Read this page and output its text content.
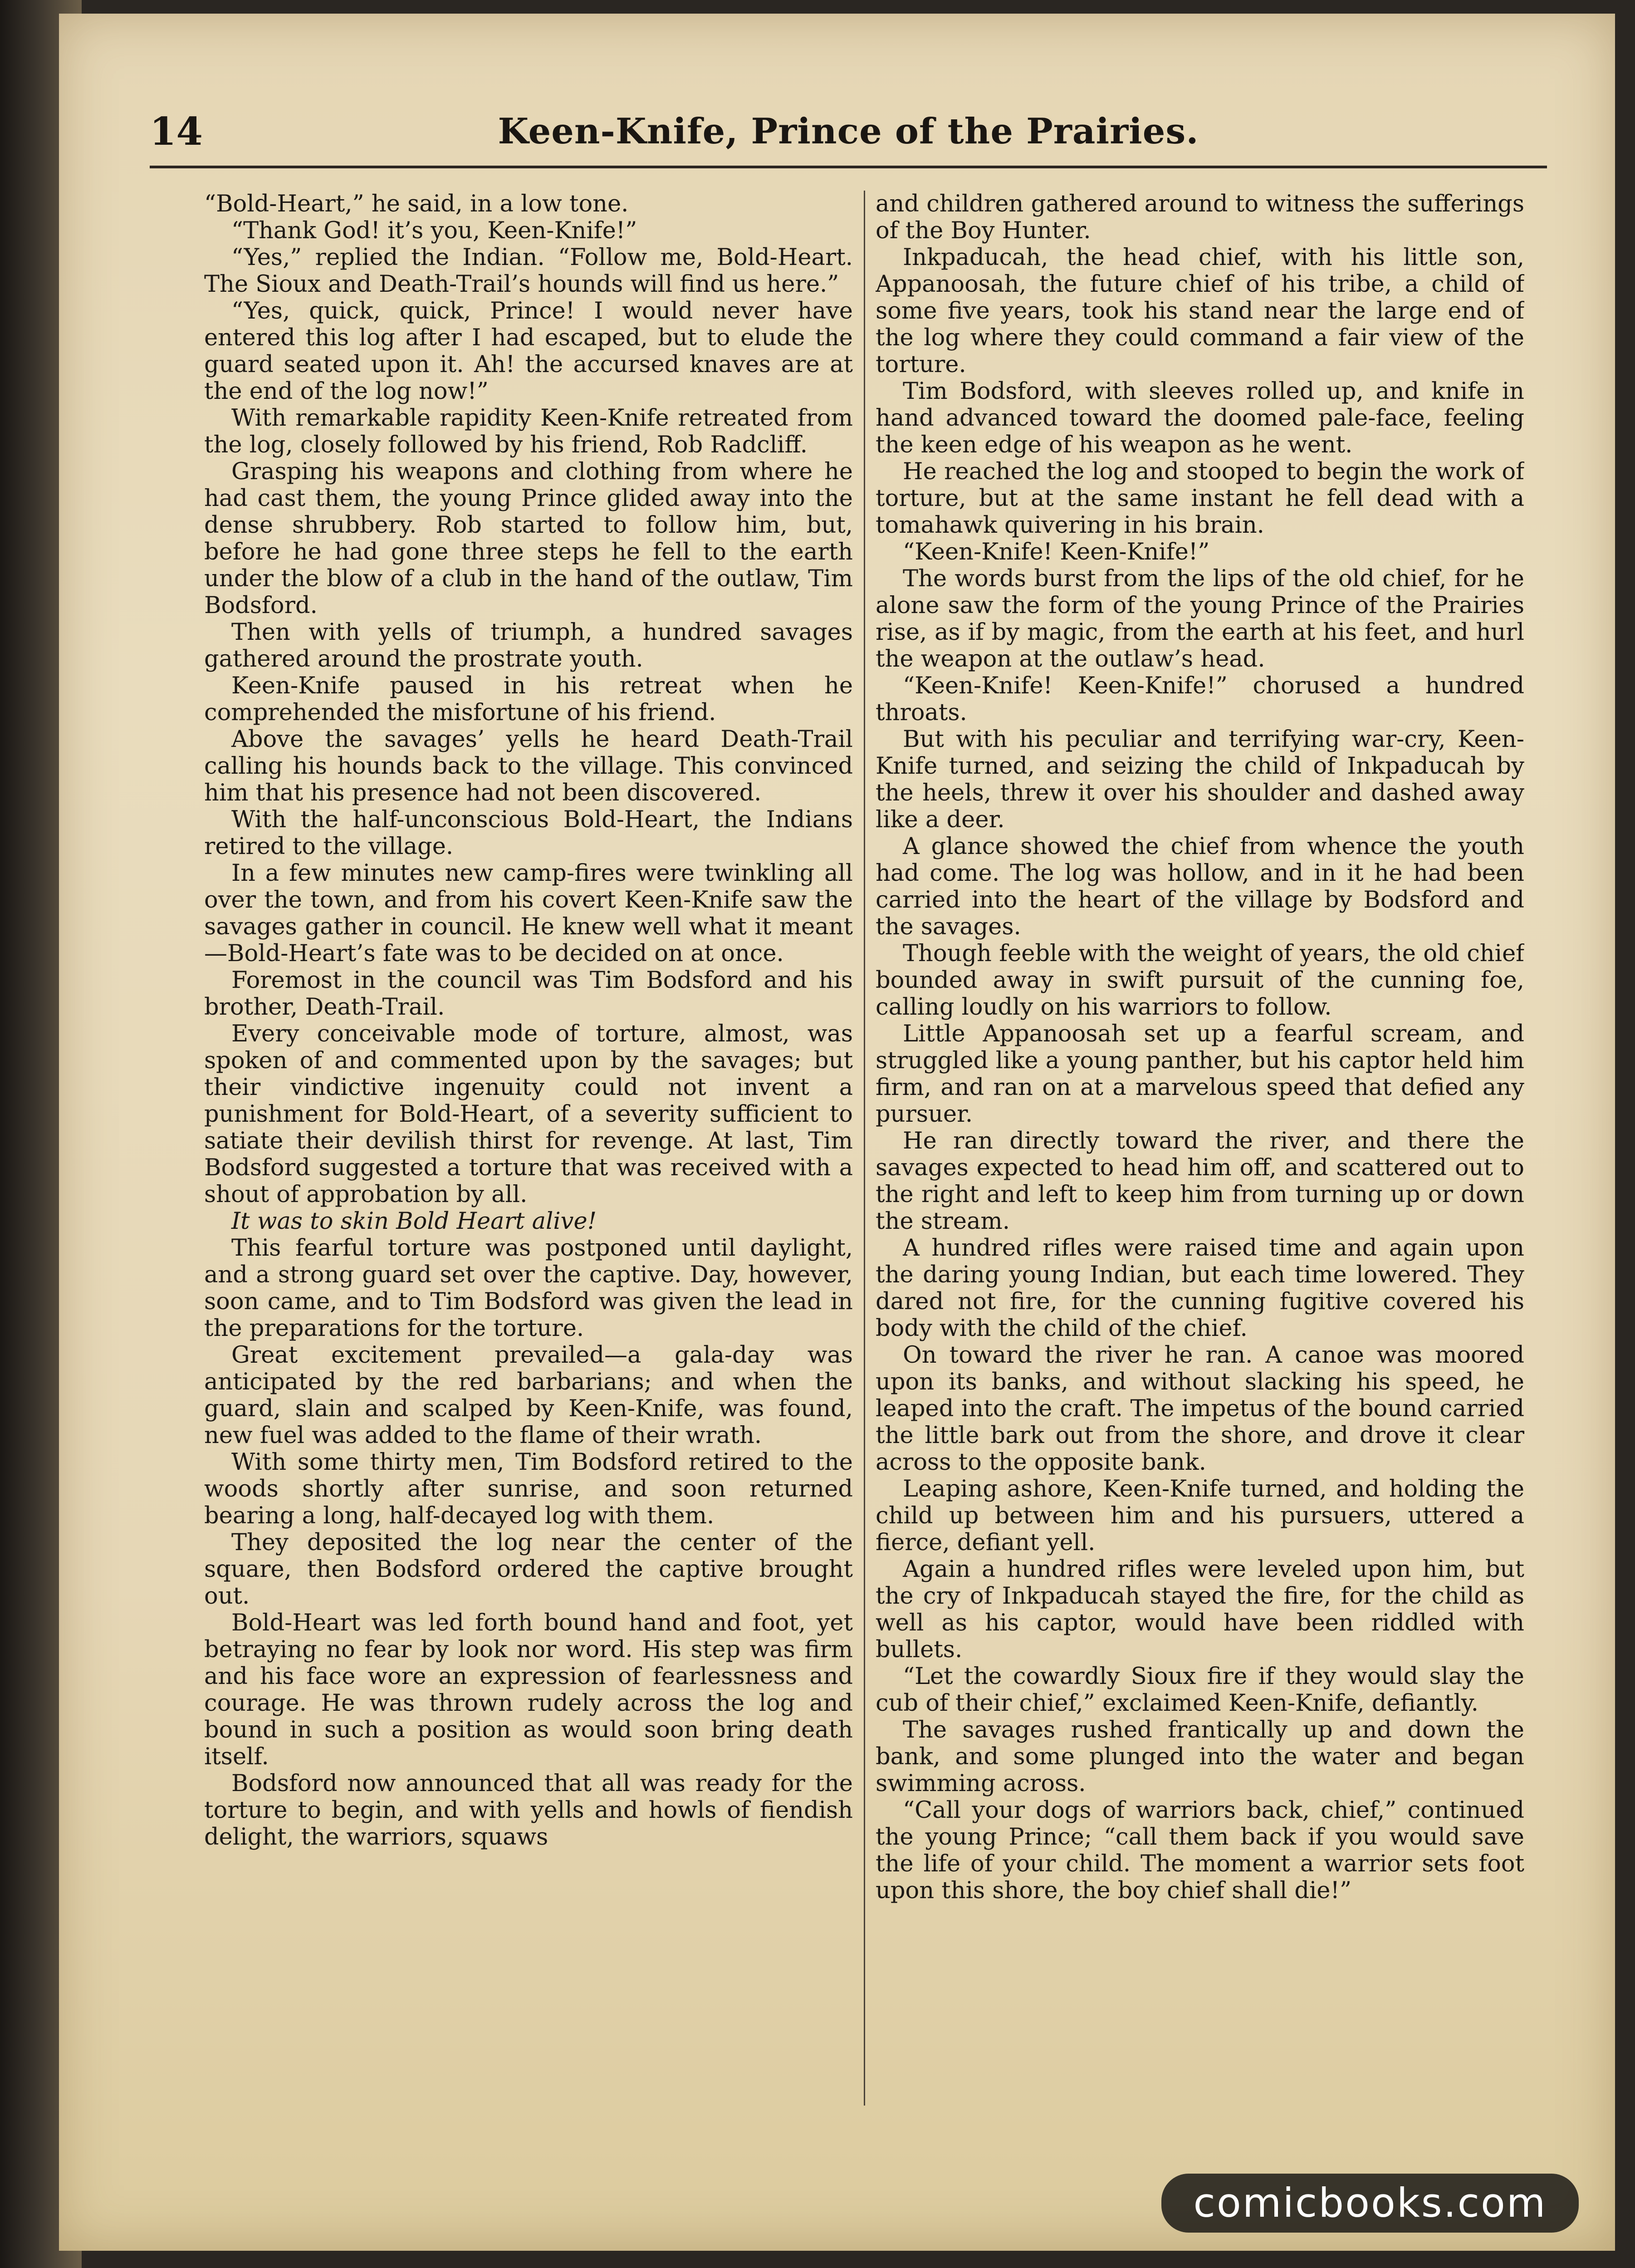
14	Keen-Knife, Prince of the Prairies.

“Bold-Heart,” he said, in a low tone.

“Thank God! it’s you, Keen-Knife!”

“Yes,” replied the Indian. “Follow me, Bold-Heart. The Sioux and Death-Trail’s hounds will find us here.”

“Yes, quick, quick, Prince! I would never have entered this log after I had escaped, but to elude the guard seated upon it. Ah! the accursed knaves are at the end of the log now!”

With remarkable rapidity Keen-Knife retreated from the log, closely followed by his friend, Rob Radcliff.

Grasping his weapons and clothing from where he had cast them, the young Prince glided away into the dense shrubbery. Rob started to follow him, but, before he had gone three steps he fell to the earth under the blow of a club in the hand of the outlaw, Tim Bodsford.

Then with yells of triumph, a hundred savages gathered around the prostrate youth.

Keen-Knife paused in his retreat when he comprehended the misfortune of his friend.

Above the savages’ yells he heard Death-Trail calling his hounds back to the village. This convinced him that his presence had not been discovered.

With the half-unconscious Bold-Heart, the Indians retired to the village.

In a few minutes new camp-fires were twinkling all over the town, and from his covert Keen-Knife saw the savages gather in council. He knew well what it meant—Bold-Heart’s fate was to be decided on at once.

Foremost in the council was Tim Bodsford and his brother, Death-Trail.

Every conceivable mode of torture, almost, was spoken of and commented upon by the savages; but their vindictive ingenuity could not invent a punishment for Bold-Heart, of a severity sufficient to satiate their devilish thirst for revenge. At last, Tim Bodsford suggested a torture that was received with a shout of approbation by all.

It was to skin Bold Heart alive!

This fearful torture was postponed until daylight, and a strong guard set over the captive. Day, however, soon came, and to Tim Bodsford was given the lead in the preparations for the torture.

Great excitement prevailed—a gala-day was anticipated by the red barbarians; and when the guard, slain and scalped by Keen-Knife, was found, new fuel was added to the flame of their wrath.

With some thirty men, Tim Bodsford retired to the woods shortly after sunrise, and soon returned bearing a long, half-decayed log with them.

They deposited the log near the center of the square, then Bodsford ordered the captive brought out.

Bold-Heart was led forth bound hand and foot, yet betraying no fear by look nor word. His step was firm and his face wore an expression of fearlessness and courage. He was thrown rudely across the log and bound in such a position as would soon bring death itself.

Bodsford now announced that all was ready for the torture to begin, and with yells and howls of fiendish delight, the warriors, squaws

and children gathered around to witness the sufferings of the Boy Hunter.

Inkpaducah, the head chief, with his little son, Appanoosah, the future chief of his tribe, a child of some five years, took his stand near the large end of the log where they could command a fair view of the torture.

Tim Bodsford, with sleeves rolled up, and knife in hand advanced toward the doomed pale-face, feeling the keen edge of his weapon as he went.

He reached the log and stooped to begin the work of torture, but at the same instant he fell dead with a tomahawk quivering in his brain.

“Keen-Knife! Keen-Knife!”

The words burst from the lips of the old chief, for he alone saw the form of the young Prince of the Prairies rise, as if by magic, from the earth at his feet, and hurl the weapon at the outlaw’s head.

“Keen-Knife! Keen-Knife!” chorused a hundred throats.

But with his peculiar and terrifying war-cry, Keen-Knife turned, and seizing the child of Inkpaducah by the heels, threw it over his shoulder and dashed away like a deer.

A glance showed the chief from whence the youth had come. The log was hollow, and in it he had been carried into the heart of the village by Bodsford and the savages.

Though feeble with the weight of years, the old chief bounded away in swift pursuit of the cunning foe, calling loudly on his warriors to follow.

Little Appanoosah set up a fearful scream, and struggled like a young panther, but his captor held him firm, and ran on at a marvelous speed that defied any pursuer.

He ran directly toward the river, and there the savages expected to head him off, and scattered out to the right and left to keep him from turning up or down the stream.

A hundred rifles were raised time and again upon the daring young Indian, but each time lowered. They dared not fire, for the cunning fugitive covered his body with the child of the chief.

On toward the river he ran. A canoe was moored upon its banks, and without slacking his speed, he leaped into the craft. The impetus of the bound carried the little bark out from the shore, and drove it clear across to the opposite bank.

Leaping ashore, Keen-Knife turned, and holding the child up between him and his pursuers, uttered a fierce, defiant yell.

Again a hundred rifles were leveled upon him, but the cry of Inkpaducah stayed the fire, for the child as well as his captor, would have been riddled with bullets.

“Let the cowardly Sioux fire if they would slay the cub of their chief,” exclaimed Keen-Knife, defiantly.

The savages rushed frantically up and down the bank, and some plunged into the water and began swimming across.

“Call your dogs of warriors back, chief,” continued the young Prince; “call them back if you would save the life of your child. The moment a warrior sets foot upon this shore, the boy chief shall die!”

comicbooks.com
